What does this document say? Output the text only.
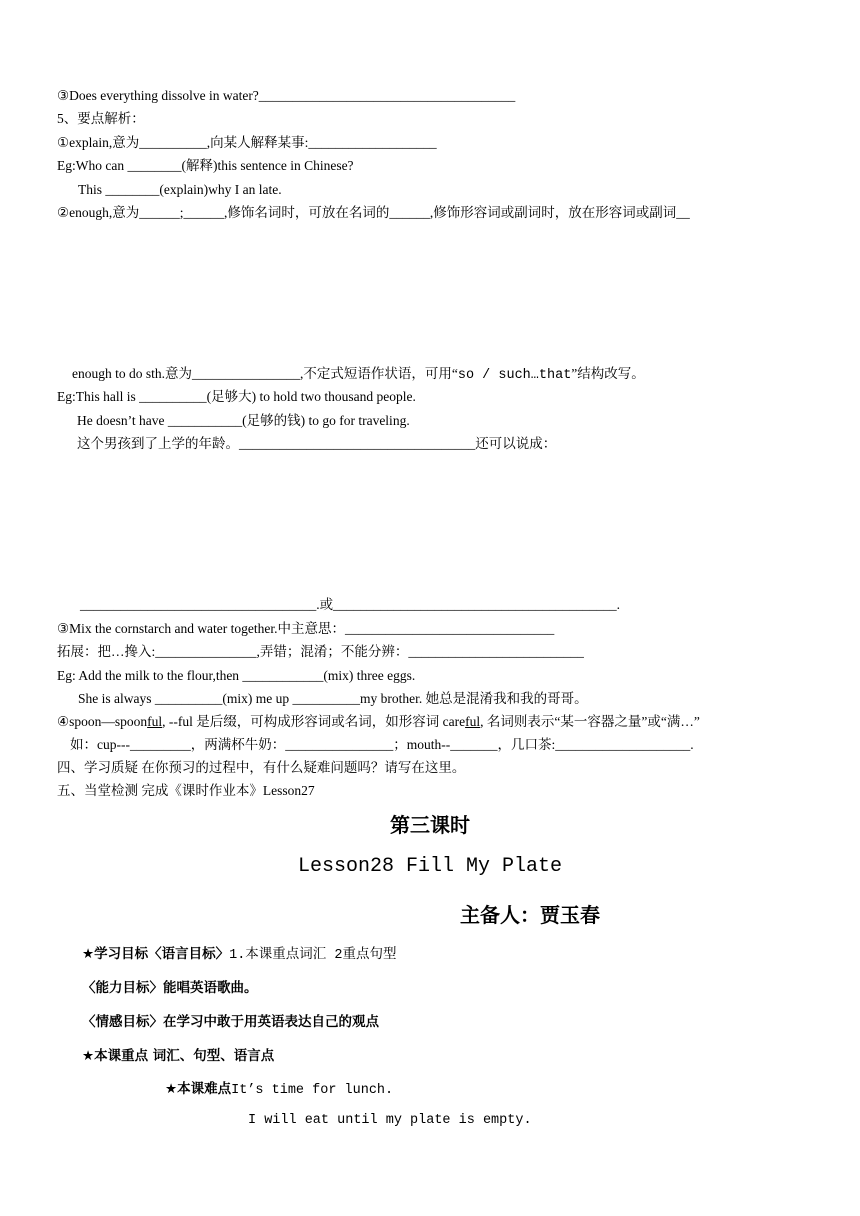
③Does everything dissolve in water?______________________________________
5、要点解析：
①explain,意为__________,向某人解释某事:___________________
Eg:Who can ________(解释)this sentence in Chinese?
This ________(explain)why I an late.
②enough,意为______;______,修饰名词时，可放在名词的______,修饰形容词或副词时，放在形容词或副词__
enough to do sth.意为________________,不定式短语作状语，可用“so / such…that”结构改写。
Eg:This hall is __________(足够大) to hold two thousand people.
He doesn’t have ___________(足够的钱) to go for traveling.
这个男孩到了上学的年龄。___________________________________还可以说成：
___________________________________.或__________________________________________.
③Mix the cornstarch and water together.中主意思：_______________________________
拓展：把…搀入:_______________,弄错；混淆；不能分辨：__________________________
Eg: Add the milk to the flour,then ____________(mix) three eggs.
She is always __________(mix) me up __________my brother. 她总是混淆我和我的哥哥。
④spoon—spoonful, --ful 是后缀，可构成形容词或名词，如形容词 careful, 名词则表示“某一容器之量”或“满…”
如：cup---_________，两满杯牛奶：________________；mouth--_______，几口茶:____________________.
四、学习质疑 在你预习的过程中，有什么疑难问题吗？请写在这里。
五、当堂检测 完成《课时作业本》Lesson27
第三课时
Lesson28 Fill My Plate
主备人：贾玉春
★学习目标〈语言目标〉1.本课重点词汇 2重点句型
〈能力目标〉能唱英语歌曲。
〈情感目标〉在学习中敢于用英语表达自己的观点
★本课重点 词汇、句型、语言点
★本课难点It’s time for lunch.
I will eat until my plate is empty.
